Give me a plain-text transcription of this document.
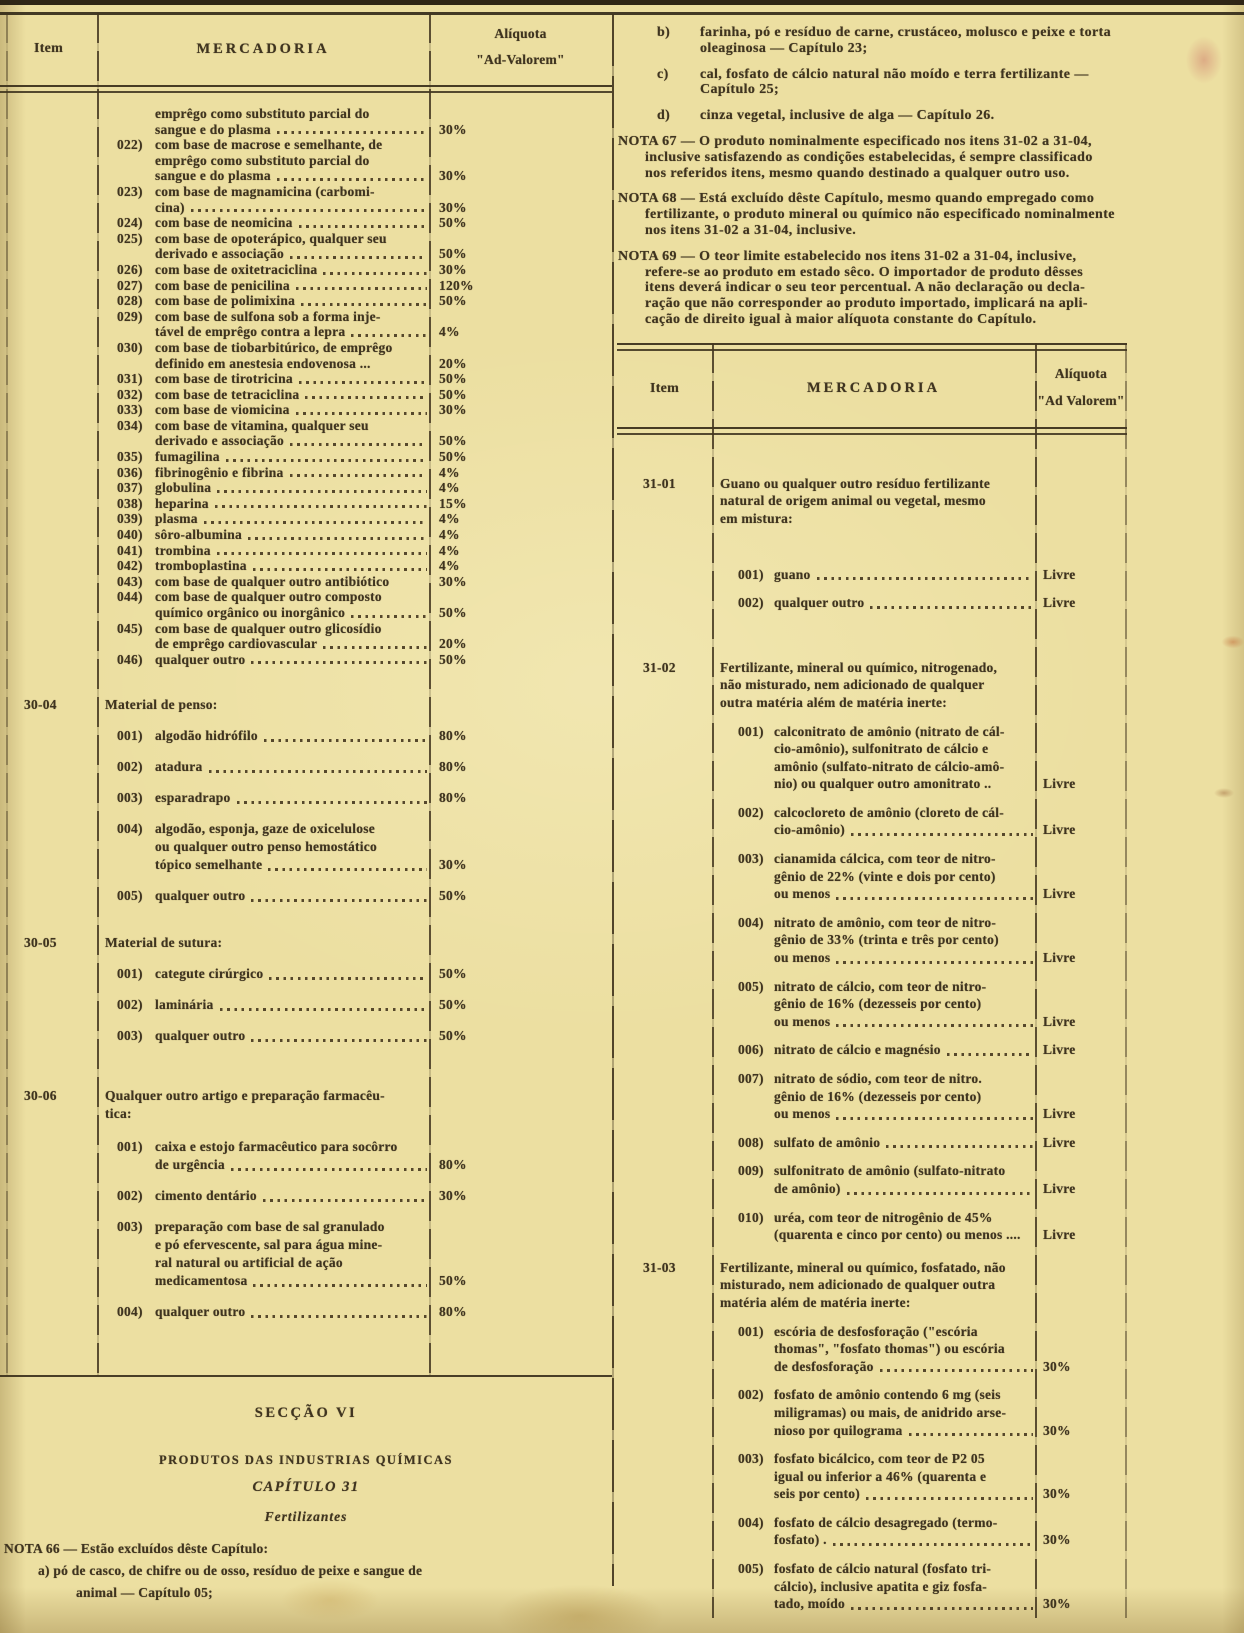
Item	MERCADORIA
Alíquota
"Ad-Valorem"
emprêgo como substituto parcial do
sangue e do plasma	30%
022) com base de macrose e semelhante, de
emprêgo como substituto parcial do
sangue e do plasma	30%
023) com base de magnamicina (carbomi-
cina)	30%
024) com base de neomicina	50%
025) com base de opoterápico, qualquer seu
derivado e associação	50%
026) com base de oxitetraciclina	30%
027) com base de penicilina	120%
028) com base de polimixina	50%
029) com base de sulfona sob a forma inje-
tável de emprêgo contra a lepra	4%
030) com base de tiobarbitúrico, de emprêgo
definido em anestesia endovenosa ...	20%
031) com base de tirotricina	50%
032) com base de tetraciclina	50%
033) com base de viomicina	30%
034) com base de vitamina, qualquer seu
derivado e associação	50%
035) fumagilina	50%
036) fibrinogênio e fibrina	4%
037) globulina	4%
038) heparina	15%
039) plasma	4%
040) sôro-albumina	4%
041) trombina	4%
042) tromboplastina	4%
043) com base de qualquer outro antibiótico	30%
044) com base de qualquer outro composto
químico orgânico ou inorgânico	50%
045) com base de qualquer outro glicosídio
de emprêgo cardiovascular	20%
046) qualquer outro	50%
30-04	Material de penso:
001) algodão hidrófilo	80%
002) atadura	80%
003) esparadrapo	80%
004) algodão, esponja, gaze de oxicelulose
ou qualquer outro penso hemostático
tópico semelhante	30%
005) qualquer outro	50%
30-05	Material de sutura:
001) categute cirúrgico	50%
002) laminária	50%
003) qualquer outro	50%
30-06	Qualquer outro artigo e preparação farmacêu-
tica:
001) caixa e estojo farmacêutico para socôrro
de urgência	80%
002) cimento dentário	30%
003) preparação com base de sal granulado
e pó efervescente, sal para água mine-
ral natural ou artificial de ação
medicamentosa	50%
004) qualquer outro	80%
SECÇÃO VI
PRODUTOS DAS INDUSTRIAS QUÍMICAS
CAPÍTULO 31
Fertilizantes
NOTA 66 — Estão excluídos dêste Capítulo:
a) pó de casco, de chifre ou de osso, resíduo de peixe e sangue de
animal — Capítulo 05;
b) farinha, pó e resíduo de carne, crustáceo, molusco e peixe e torta
oleaginosa — Capítulo 23;
c) cal, fosfato de cálcio natural não moído e terra fertilizante —
Capítulo 25;
d) cinza vegetal, inclusive de alga — Capítulo 26.
NOTA 67 — O produto nominalmente especificado nos itens 31-02 a 31-04,
inclusive satisfazendo as condições estabelecidas, é sempre classificado
nos referidos itens, mesmo quando destinado a qualquer outro uso.
NOTA 68 — Está excluído dêste Capítulo, mesmo quando empregado como
fertilizante, o produto mineral ou químico não especificado nominalmente
nos itens 31-02 a 31-04, inclusive.
NOTA 69 — O teor limite estabelecido nos itens 31-02 a 31-04, inclusive,
refere-se ao produto em estado sêco. O importador de produto dêsses
itens deverá indicar o seu teor percentual. A não declaração ou decla-
ração que não corresponder ao produto importado, implicará na apli-
cação de direito igual à maior alíquota constante do Capítulo.
Item	MERCADORIA
Alíquota
"Ad Valorem"
31-01	Guano ou qualquer outro resíduo fertilizante
natural de origem animal ou vegetal, mesmo
em mistura:
001) guano	Livre
002) qualquer outro	Livre
31-02	Fertilizante, mineral ou químico, nitrogenado,
não misturado, nem adicionado de qualquer
outra matéria além de matéria inerte:
001) calconitrato de amônio (nitrato de cál-
cio-amônio), sulfonitrato de cálcio e
amônio (sulfato-nitrato de cálcio-amô-
nio) ou qualquer outro amonitrato ..	Livre
002) calcocloreto de amônio (cloreto de cál-
cio-amônio)	Livre
003) cianamida cálcica, com teor de nitro-
gênio de 22% (vinte e dois por cento)
ou menos	Livre
004) nitrato de amônio, com teor de nitro-
gênio de 33% (trinta e três por cento)
ou menos	Livre
005) nitrato de cálcio, com teor de nitro-
gênio de 16% (dezesseis por cento)
ou menos	Livre
006) nitrato de cálcio e magnésio	Livre
007) nitrato de sódio, com teor de nitro.
gênio de 16% (dezesseis por cento)
ou menos	Livre
008) sulfato de amônio	Livre
009) sulfonitrato de amônio (sulfato-nitrato
de amônio)	Livre
010) uréa, com teor de nitrogênio de 45%
(quarenta e cinco por cento) ou menos ....	Livre
31-03	Fertilizante, mineral ou químico, fosfatado, não
misturado, nem adicionado de qualquer outra
matéria além de matéria inerte:
001) escória de desfosforação ("escória
thomas", "fosfato thomas") ou escória
de desfosforação	30%
002) fosfato de amônio contendo 6 mg (seis
miligramas) ou mais, de anidrido arse-
nioso por quilograma	30%
003) fosfato bicálcico, com teor de P2 05
igual ou inferior a 46% (quarenta e
seis por cento)	30%
004) fosfato de cálcio desagregado (termo-
fosfato) .	30%
005) fosfato de cálcio natural (fosfato tri-
cálcio), inclusive apatita e giz fosfa-
tado, moído	30%
